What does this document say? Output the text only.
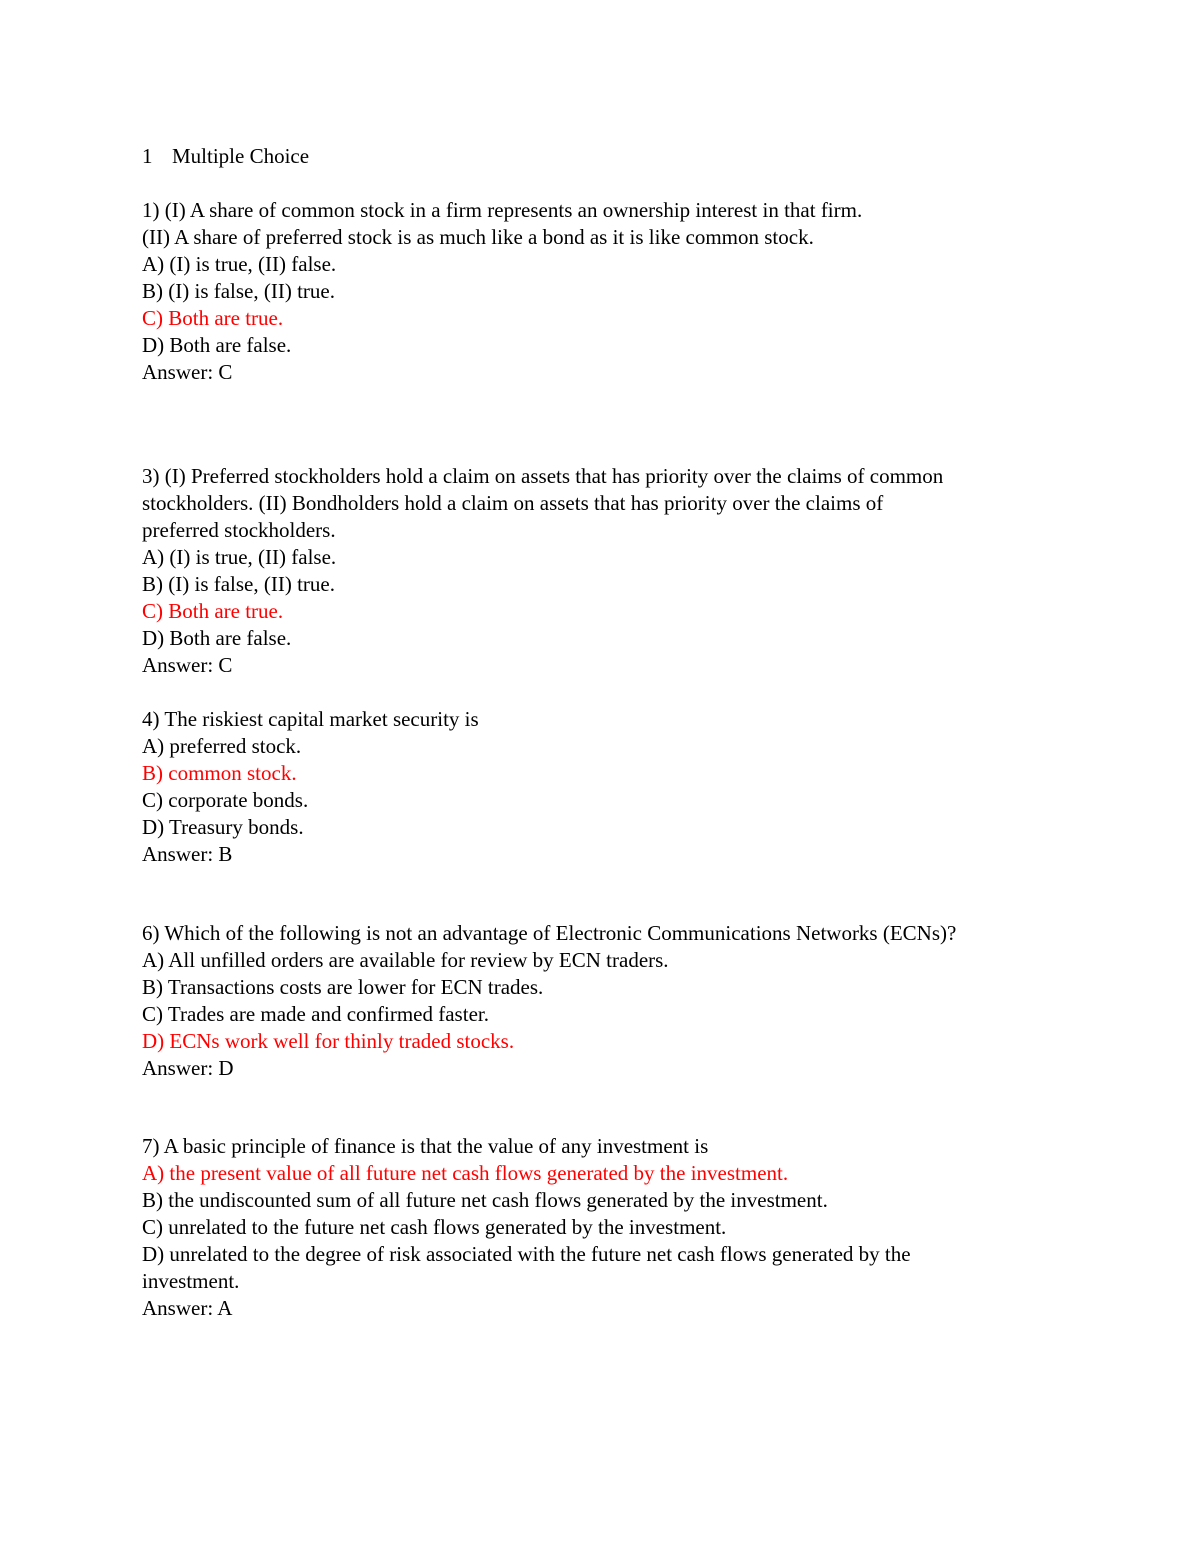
1 Multiple Choice
1) (I) A share of common stock in a firm represents an ownership interest in that firm.
(II) A share of preferred stock is as much like a bond as it is like common stock.
A) (I) is true, (II) false.
B) (I) is false, (II) true.
C) Both are true.
D) Both are false.
Answer: C
3) (I) Preferred stockholders hold a claim on assets that has priority over the claims of common
stockholders. (II) Bondholders hold a claim on assets that has priority over the claims of
preferred stockholders.
A) (I) is true, (II) false.
B) (I) is false, (II) true.
C) Both are true.
D) Both are false.
Answer: C
4) The riskiest capital market security is
A) preferred stock.
B) common stock.
C) corporate bonds.
D) Treasury bonds.
Answer: B
6) Which of the following is not an advantage of Electronic Communications Networks (ECNs)?
A) All unfilled orders are available for review by ECN traders.
B) Transactions costs are lower for ECN trades.
C) Trades are made and confirmed faster.
D) ECNs work well for thinly traded stocks.
Answer: D
7) A basic principle of finance is that the value of any investment is
A) the present value of all future net cash flows generated by the investment.
B) the undiscounted sum of all future net cash flows generated by the investment.
C) unrelated to the future net cash flows generated by the investment.
D) unrelated to the degree of risk associated with the future net cash flows generated by the
investment.
Answer: A
